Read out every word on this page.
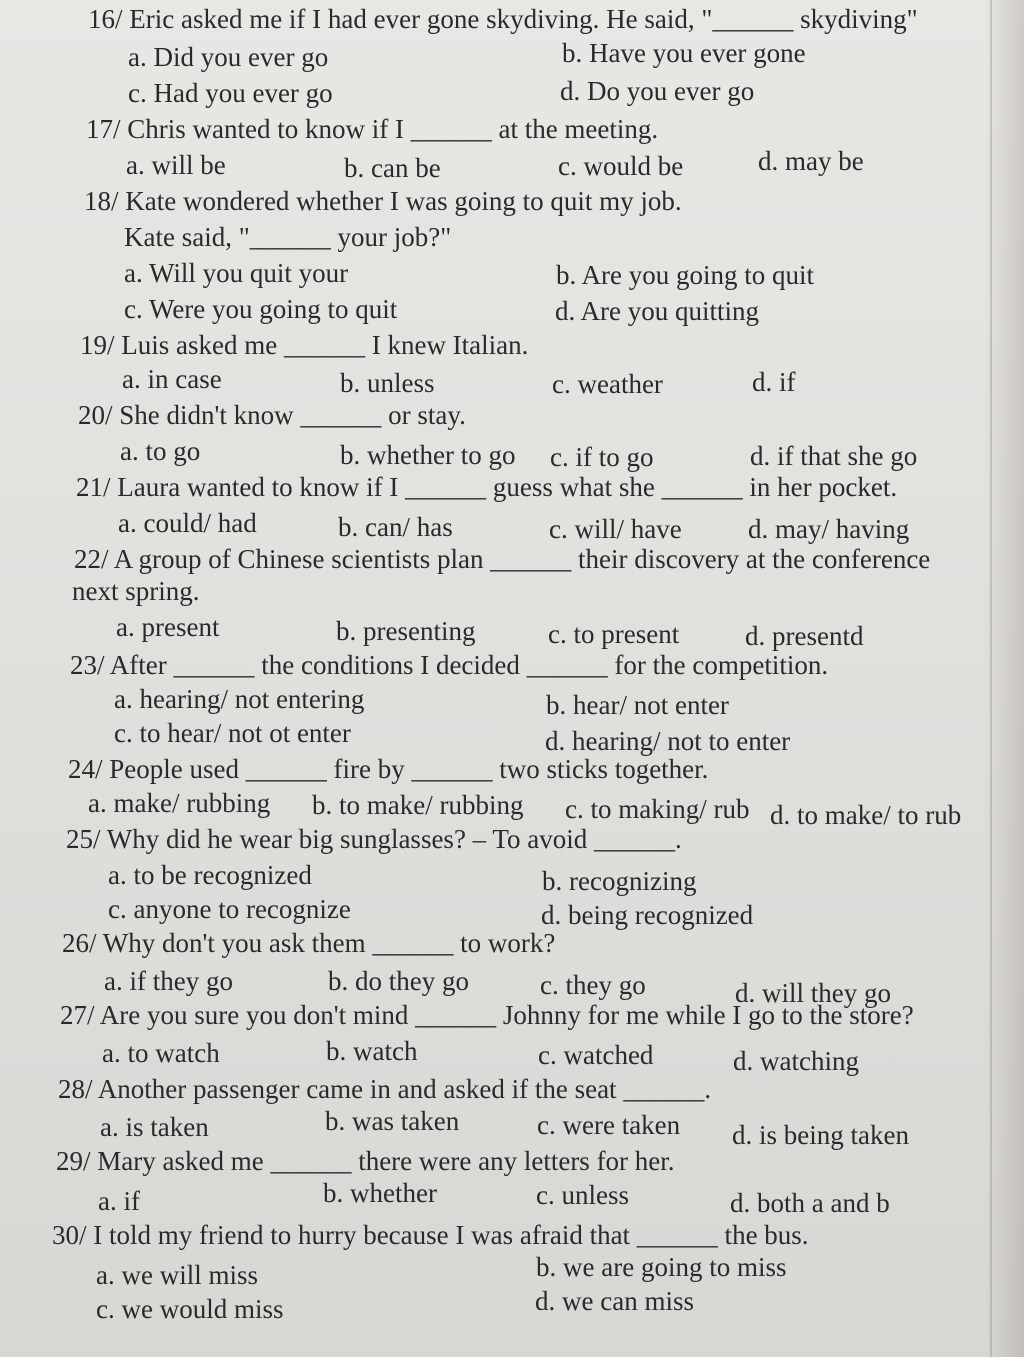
16/ Eric asked me if I had ever gone skydiving. He said, "______ skydiving"
a. Did you ever go	b. Have you ever gone
c. Had you ever go	d. Do you ever go
17/ Chris wanted to know if I ______ at the meeting.
a. will be	b. can be	c. would be	d. may be
18/ Kate wondered whether I was going to quit my job.
Kate said, "______ your job?"
a. Will you quit your	b. Are you going to quit
c. Were you going to quit	d. Are you quitting
19/ Luis asked me ______ I knew Italian.
a. in case	b. unless	c. weather	d. if
20/ She didn't know ______ or stay.
a. to go	b. whether to go c. if to go	d. if that she go
21/ Laura wanted to know if I ______ guess what she ______ in her pocket.
a. could/ had	b. can/ has	c. will/ have d. may/ having
22/ A group of Chinese scientists plan ______ their discovery at the conference
next spring.
a. present	b. presenting	c. to present d. presentd
23/ After ______ the conditions I decided ______ for the competition.
a. hearing/ not entering	b. hear/ not enter
c. to hear/ not ot enter	d. hearing/ not to enter
24/ People used ______ fire by ______ two sticks together.
a. make/ rubbing b. to make/ rubbing c. to making/ rub d. to make/ to rub
25/ Why did he wear big sunglasses? – To avoid ______.
a. to be recognized	b. recognizing
c. anyone to recognize	d. being recognized
26/ Why don't you ask them ______ to work?
a. if they go	b. do they go	c. they go	d. will they go
27/ Are you sure you don't mind ______ Johnny for me while I go to the store?
a. to watch	b. watch	c. watched	d. watching
28/ Another passenger came in and asked if the seat ______.
a. is taken	b. was taken	c. were taken d. is being taken
29/ Mary asked me ______ there were any letters for her.
a. if	b. whether	c. unless	d. both a and b
30/ I told my friend to hurry because I was afraid that ______ the bus.
a. we will miss	b. we are going to miss
c. we would miss	d. we can miss
